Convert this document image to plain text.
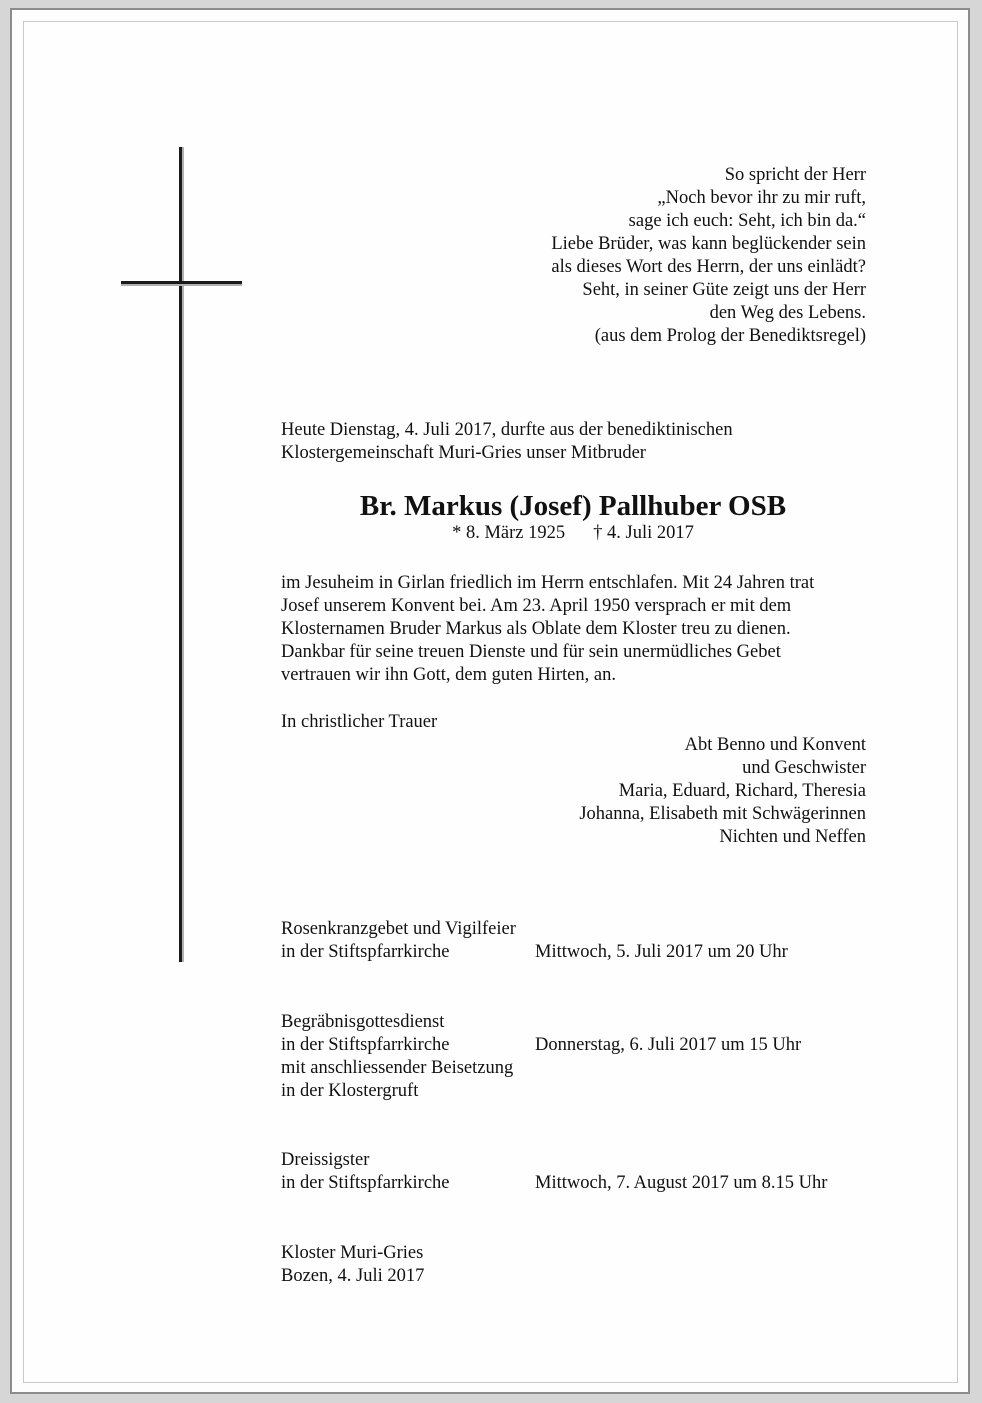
So spricht der Herr
„Noch bevor ihr zu mir ruft,
sage ich euch: Seht, ich bin da.“
Liebe Brüder, was kann beglückender sein
als dieses Wort des Herrn, der uns einlädt?
Seht, in seiner Güte zeigt uns der Herr
den Weg des Lebens.
(aus dem Prolog der Benediktsregel)
Heute Dienstag, 4. Juli 2017, durfte aus der benediktinischen
Klostergemeinschaft Muri-Gries unser Mitbruder
Br. Markus (Josef) Pallhuber OSB
* 8. März 1925 † 4. Juli 2017
im Jesuheim in Girlan friedlich im Herrn entschlafen. Mit 24 Jahren trat
Josef unserem Konvent bei. Am 23. April 1950 versprach er mit dem
Klosternamen Bruder Markus als Oblate dem Kloster treu zu dienen.
Dankbar für seine treuen Dienste und für sein unermüdliches Gebet
vertrauen wir ihn Gott, dem guten Hirten, an.
In christlicher Trauer
Abt Benno und Konvent
und Geschwister
Maria, Eduard, Richard, Theresia
Johanna, Elisabeth mit Schwägerinnen
Nichten und Neffen
Rosenkranzgebet und Vigilfeier
in der Stiftspfarrkirche	Mittwoch, 5. Juli 2017 um 20 Uhr
Begräbnisgottesdienst
in der Stiftspfarrkirche
mit anschliessender Beisetzung
in der Klostergruft
Donnerstag, 6. Juli 2017 um 15 Uhr
Dreissigster
in der Stiftspfarrkirche	Mittwoch, 7. August 2017 um 8.15 Uhr
Kloster Muri-Gries
Bozen, 4. Juli 2017
